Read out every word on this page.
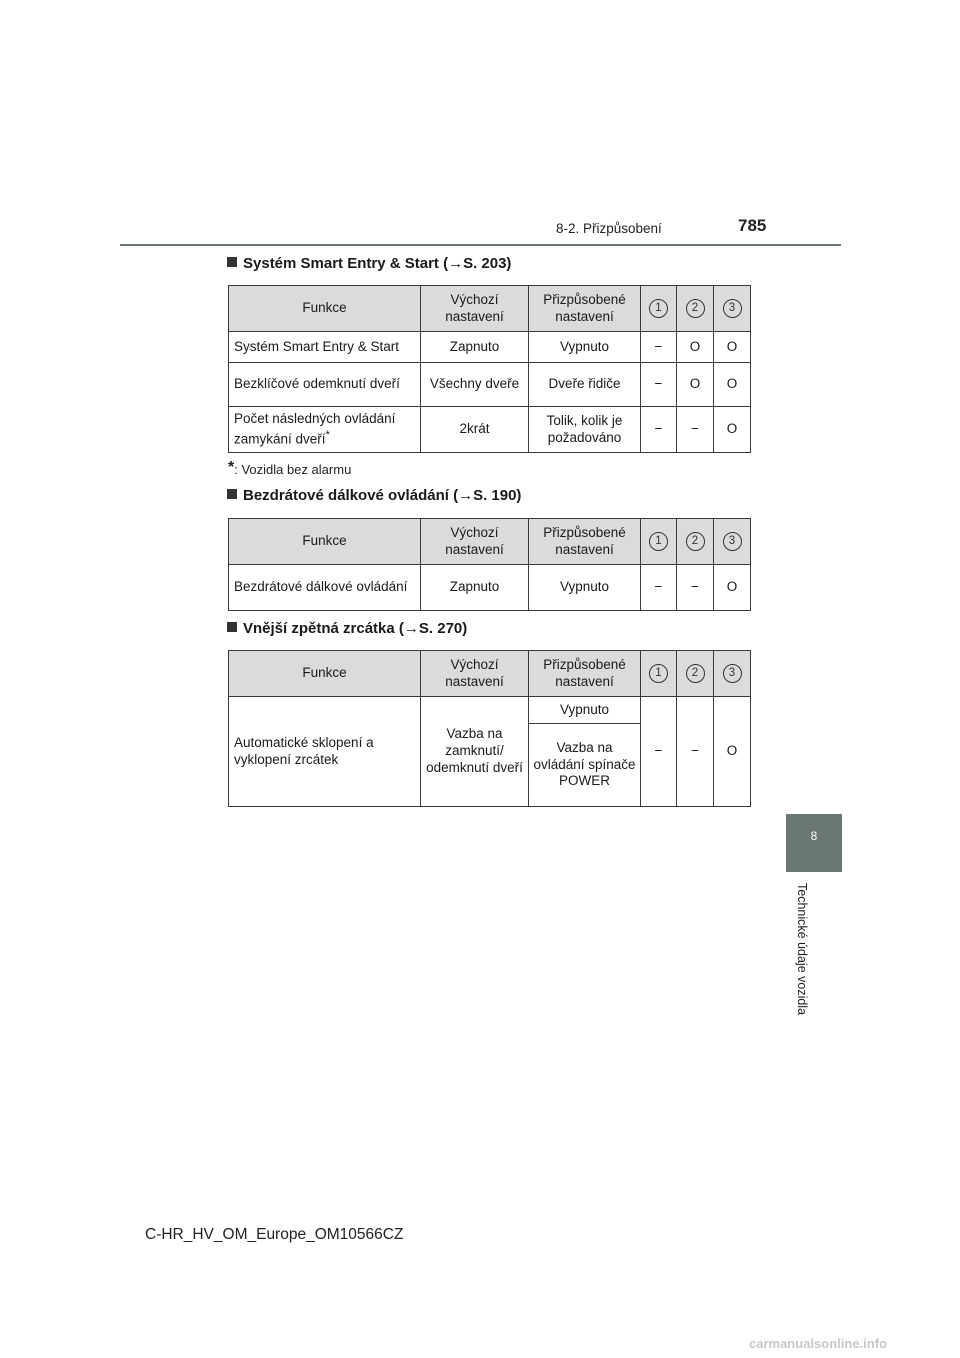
8-2. Přizpůsobení	785
8
Technické údaje vozidla
Systém Smart Entry & Start (→S. 203)
Funkce	Výchozí nastavení	Přizpůsobené nastavení	1	2	3
Systém Smart Entry & Start	Zapnuto	Vypnuto	−	O	O
Bezklíčové odemknutí dveří	Všechny dveře	Dveře řidiče	−	O	O
Počet následných ovládání zamykání dveří*	2krát	Tolik, kolik je požadováno	−	−	O
*: Vozidla bez alarmu
Bezdrátové dálkové ovládání (→S. 190)
Funkce	Výchozí nastavení	Přizpůsobené nastavení	1	2	3
Bezdrátové dálkové ovládání	Zapnuto	Vypnuto	−	−	O
Vnější zpětná zrcátka (→S. 270)
Funkce	Výchozí nastavení	Přizpůsobené nastavení	1	2	3
Automatické sklopení a vyklopení zrcátek	Vazba na zamknutí/ odemknutí dveří	Vypnuto	−	−	O
		Vazba na ovládání spínače POWER			
C-HR_HV_OM_Europe_OM10566CZ
carmanualsonline.info
